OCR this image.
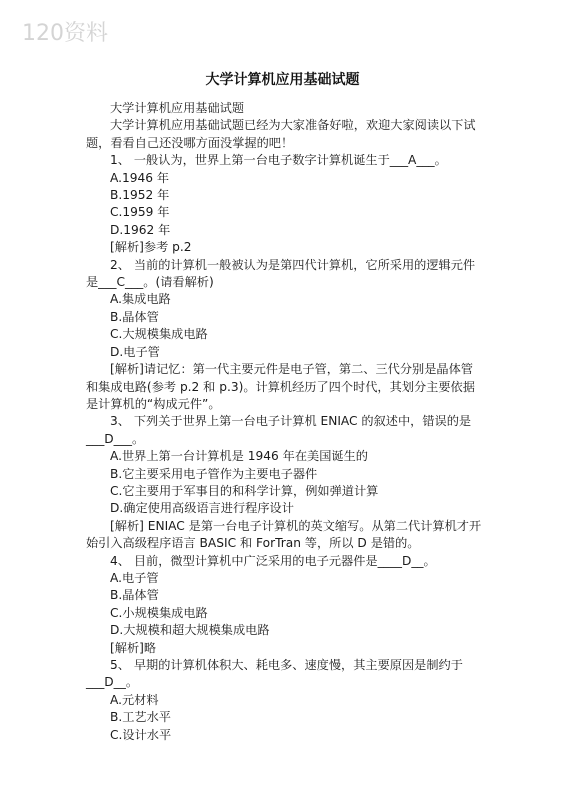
120资料
大学计算机应用基础试题

大学计算机应用基础试题

大学计算机应用基础试题已经为大家准备好啦，欢迎大家阅读以下试题，看看自己还没哪方面没掌握的吧！

1、 一般认为，世界上第一台电子数字计算机诞生于___A___。

A.1946 年

B.1952 年

C.1959 年

D.1962 年

[解析]参考 p.2

2、 当前的计算机一般被认为是第四代计算机，它所采用的逻辑元件是___C___。(请看解析)

A.集成电路

B.晶体管

C.大规模集成电路

D.电子管

[解析]请记忆：第一代主要元件是电子管，第二、三代分别是晶体管和集成电路(参考 p.2 和 p.3)。计算机经历了四个时代，其划分主要依据是计算机的“构成元件”。

3、 下列关于世界上第一台电子计算机 ENIAC 的叙述中，错误的是___D___。

A.世界上第一台计算机是 1946 年在美国诞生的

B.它主要采用电子管作为主要电子器件

C.它主要用于军事目的和科学计算，例如弹道计算

D.确定使用高级语言进行程序设计

[解析] ENIAC 是第一台电子计算机的英文缩写。从第二代计算机才开始引入高级程序语言 BASIC 和 ForTran 等，所以 D 是错的。

4、 目前，微型计算机中广泛采用的电子元器件是____D__。

A.电子管

B.晶体管

C.小规模集成电路

D.大规模和超大规模集成电路

[解析]略

5、 早期的计算机体积大、耗电多、速度慢，其主要原因是制约于___D__。

A.元材料

B.工艺水平

C.设计水平
